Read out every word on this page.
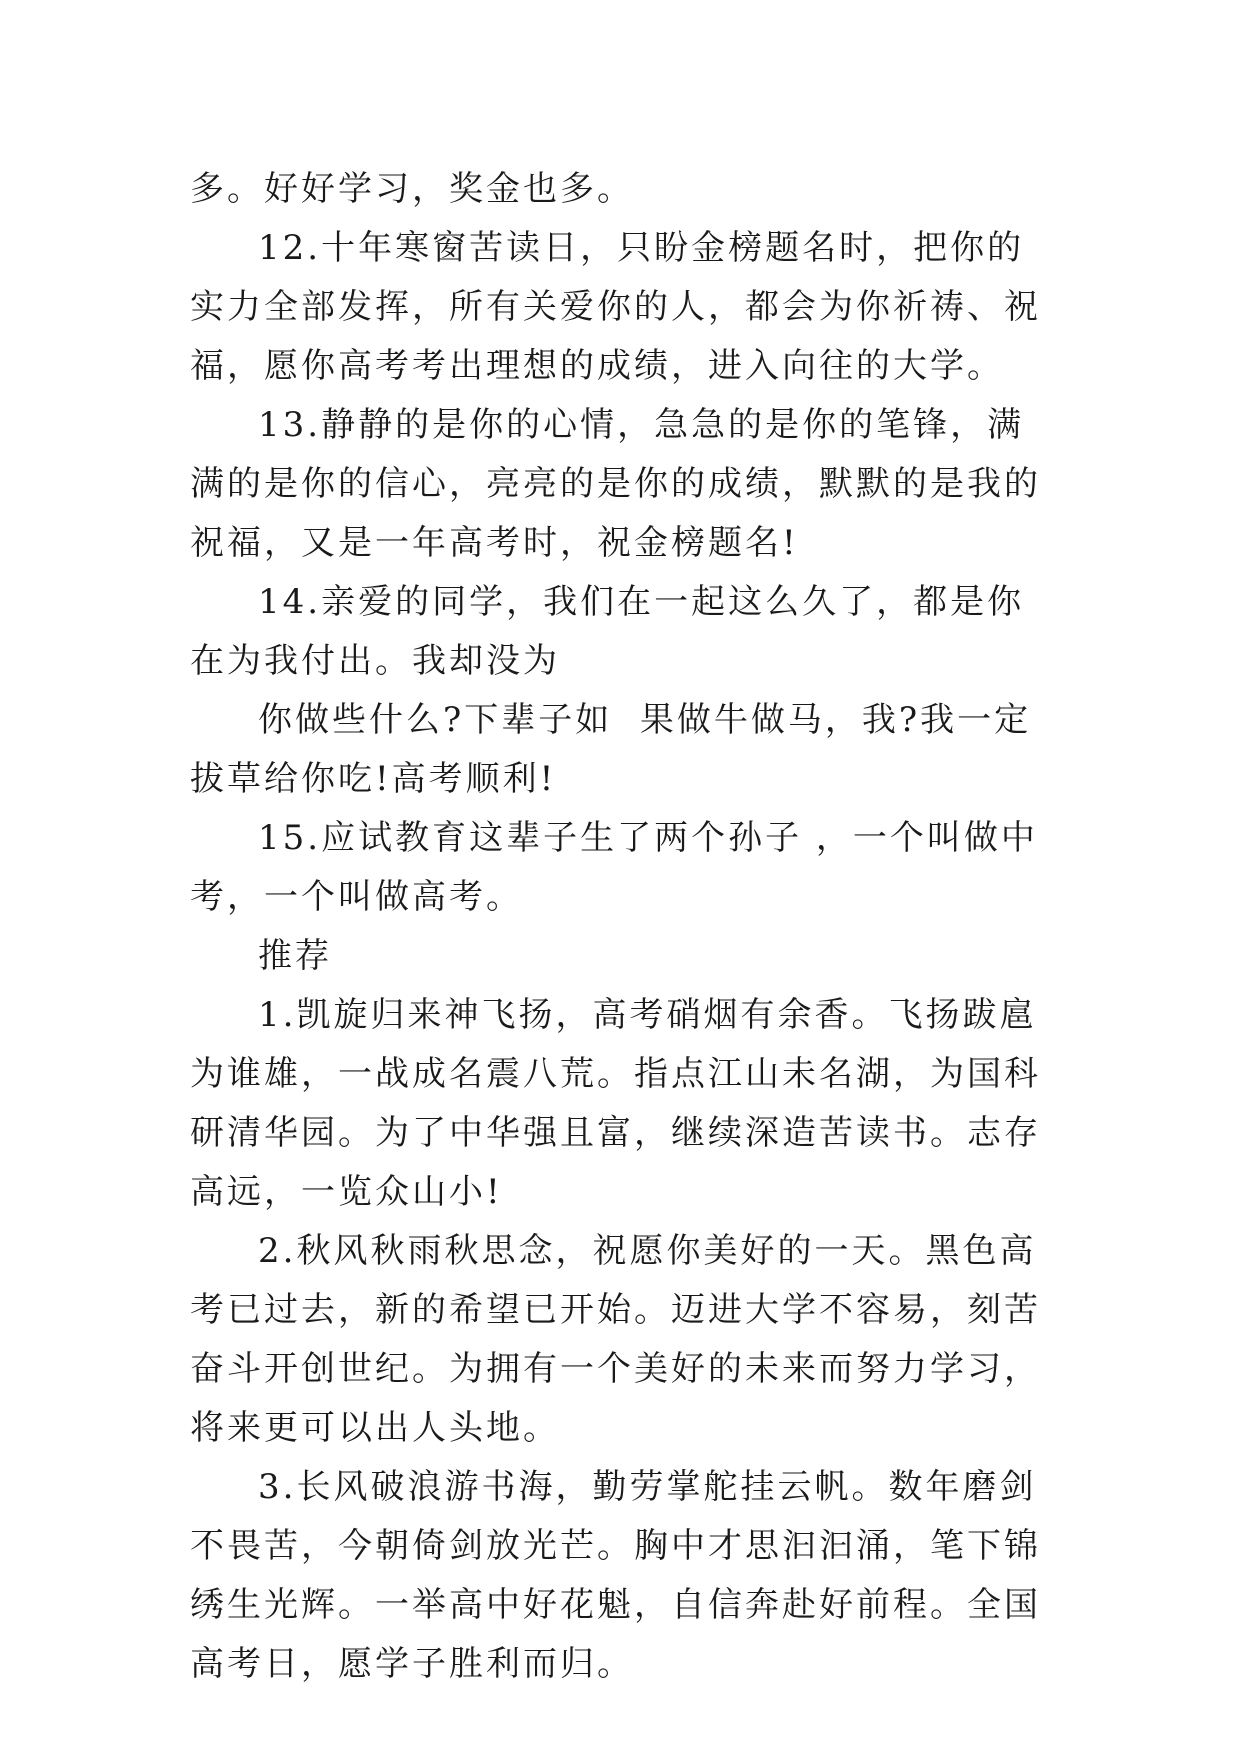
多。好好学习，奖金也多。

12.十年寒窗苦读日，只盼金榜题名时，把你的实力全部发挥，所有关爱你的人，都会为你祈祷、祝福，愿你高考考出理想的成绩，进入向往的大学。

13.静静的是你的心情，急急的是你的笔锋，满满的是你的信心，亮亮的是你的成绩，默默的是我的祝福，又是一年高考时，祝金榜题名!

14.亲爱的同学，我们在一起这么久了，都是你在为我付出。我却没为

你做些什么?下辈子如  果做牛做马，我?我一定拔草给你吃!高考顺利!

15.应试教育这辈子生了两个孙子 ，一个叫做中考，一个叫做高考。

推荐

1.凯旋归来神飞扬，高考硝烟有余香。飞扬跋扈为谁雄，一战成名震八荒。指点江山未名湖，为国科研清华园。为了中华强且富，继续深造苦读书。志存高远，一览众山小!

2.秋风秋雨秋思念，祝愿你美好的一天。黑色高考已过去，新的希望已开始。迈进大学不容易，刻苦奋斗开创世纪。为拥有一个美好的未来而努力学习，将来更可以出人头地。

3.长风破浪游书海，勤劳掌舵挂云帆。数年磨剑不畏苦，今朝倚剑放光芒。胸中才思汩汩涌，笔下锦绣生光辉。一举高中好花魁，自信奔赴好前程。全国高考日，愿学子胜利而归。
